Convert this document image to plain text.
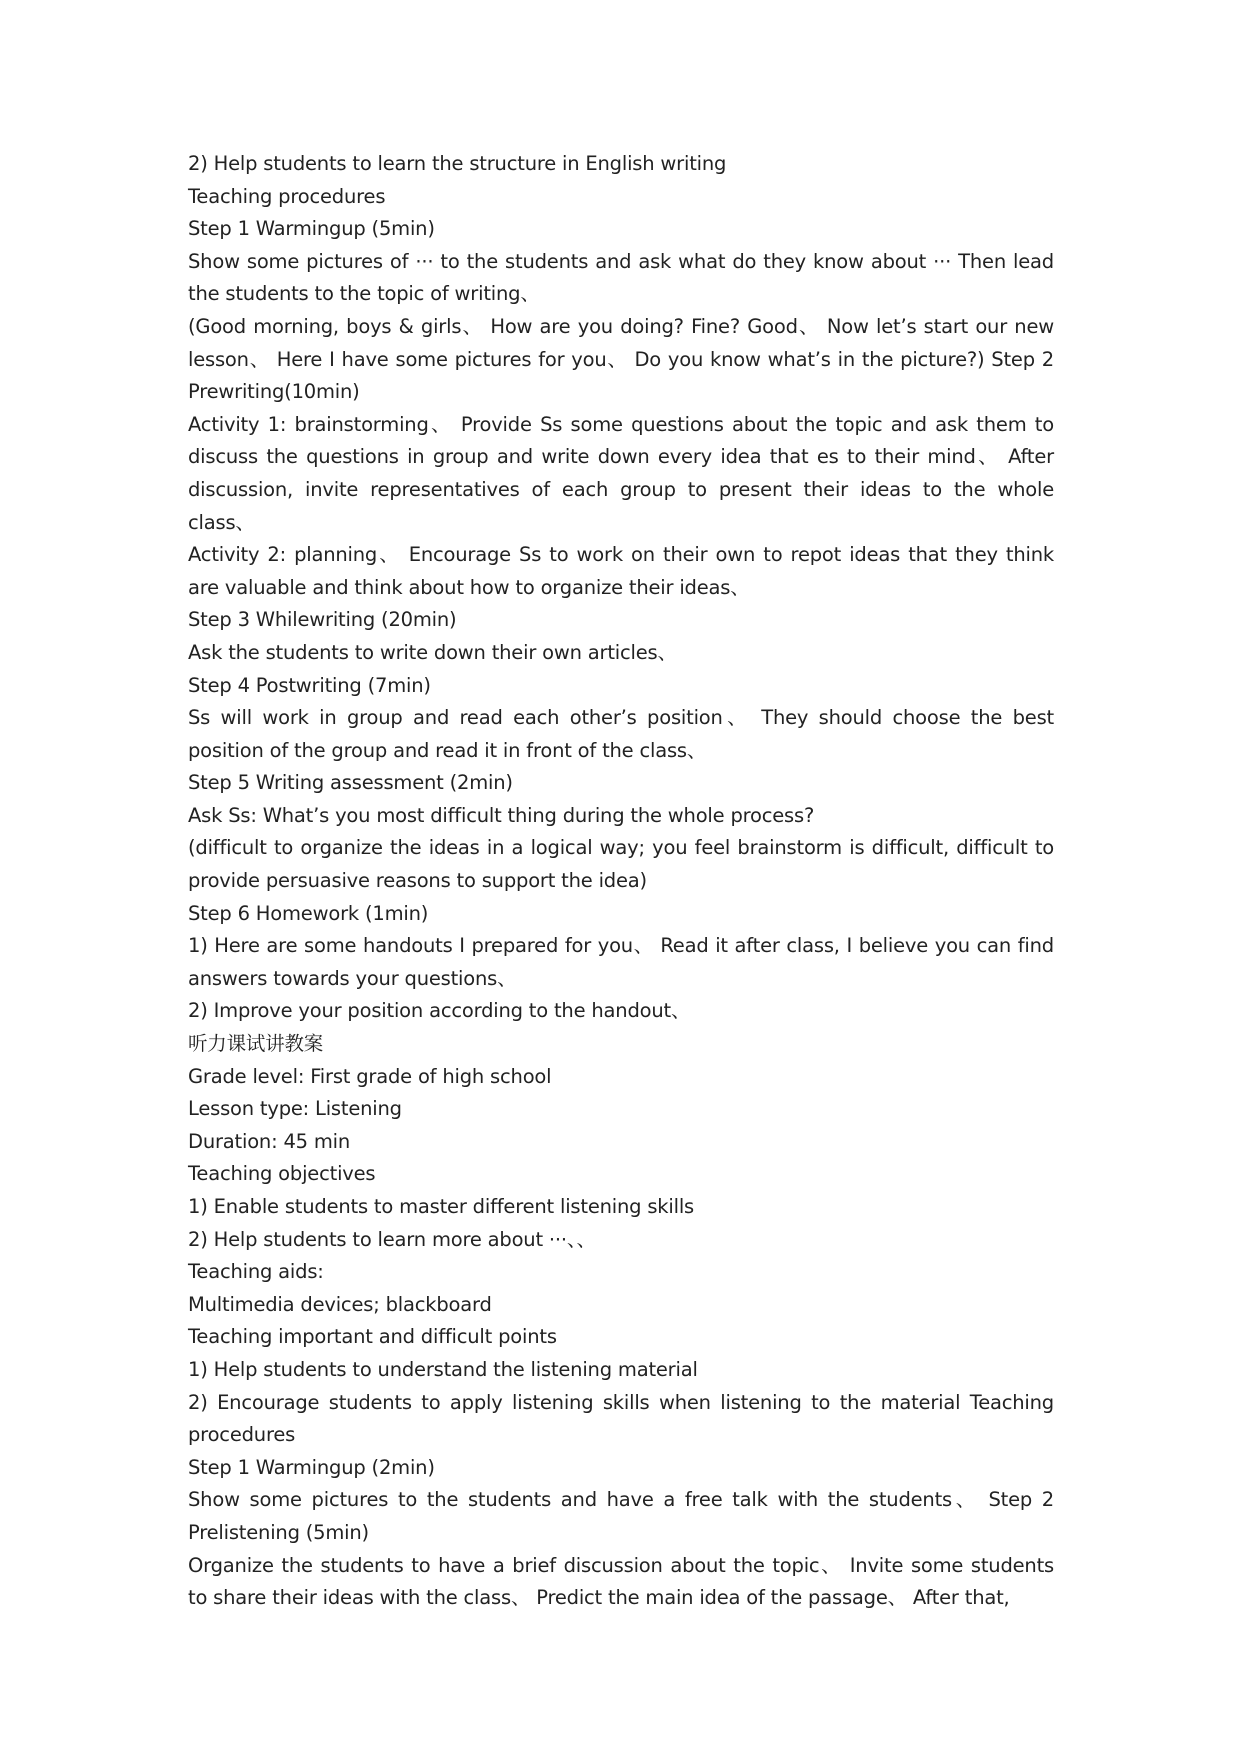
2) Help students to learn the structure in English writing
Teaching procedures
Step 1 Warmingup (5min)
Show some pictures of ··· to the students and ask what do they know about ··· Then lead the students to the topic of writing、
(Good morning, boys & girls、 How are you doing? Fine? Good、 Now let’s start our new lesson、 Here I have some pictures for you、 Do you know what’s in the picture?) Step 2 Prewriting(10min)
Activity 1: brainstorming、 Provide Ss some questions about the topic and ask them to discuss the questions in group and write down every idea that es to their mind、 After discussion, invite representatives of each group to present their ideas to the whole class、
Activity 2: planning、 Encourage Ss to work on their own to repot ideas that they think are valuable and think about how to organize their ideas、
Step 3 Whilewriting (20min)
Ask the students to write down their own articles、
Step 4 Postwriting (7min)
Ss will work in group and read each other’s position、 They should choose the best position of the group and read it in front of the class、
Step 5 Writing assessment (2min)
Ask Ss: What’s you most difficult thing during the whole process?
(difficult to organize the ideas in a logical way; you feel brainstorm is difficult, difficult to provide persuasive reasons to support the idea)
Step 6 Homework (1min)
1) Here are some handouts I prepared for you、 Read it after class, I believe you can find answers towards your questions、
2) Improve your position according to the handout、
听力课试讲教案
Grade level: First grade of high school
Lesson type: Listening
Duration: 45 min
Teaching objectives
1) Enable students to master different listening skills
2) Help students to learn more about ···、、
Teaching aids:
Multimedia devices; blackboard
Teaching important and difficult points
1) Help students to understand the listening material
2) Encourage students to apply listening skills when listening to the material Teaching procedures
Step 1 Warmingup (2min)
Show some pictures to the students and have a free talk with the students、 Step 2 Prelistening (5min)
Organize the students to have a brief discussion about the topic、 Invite some students to share their ideas with the class、 Predict the main idea of the passage、 After that,
